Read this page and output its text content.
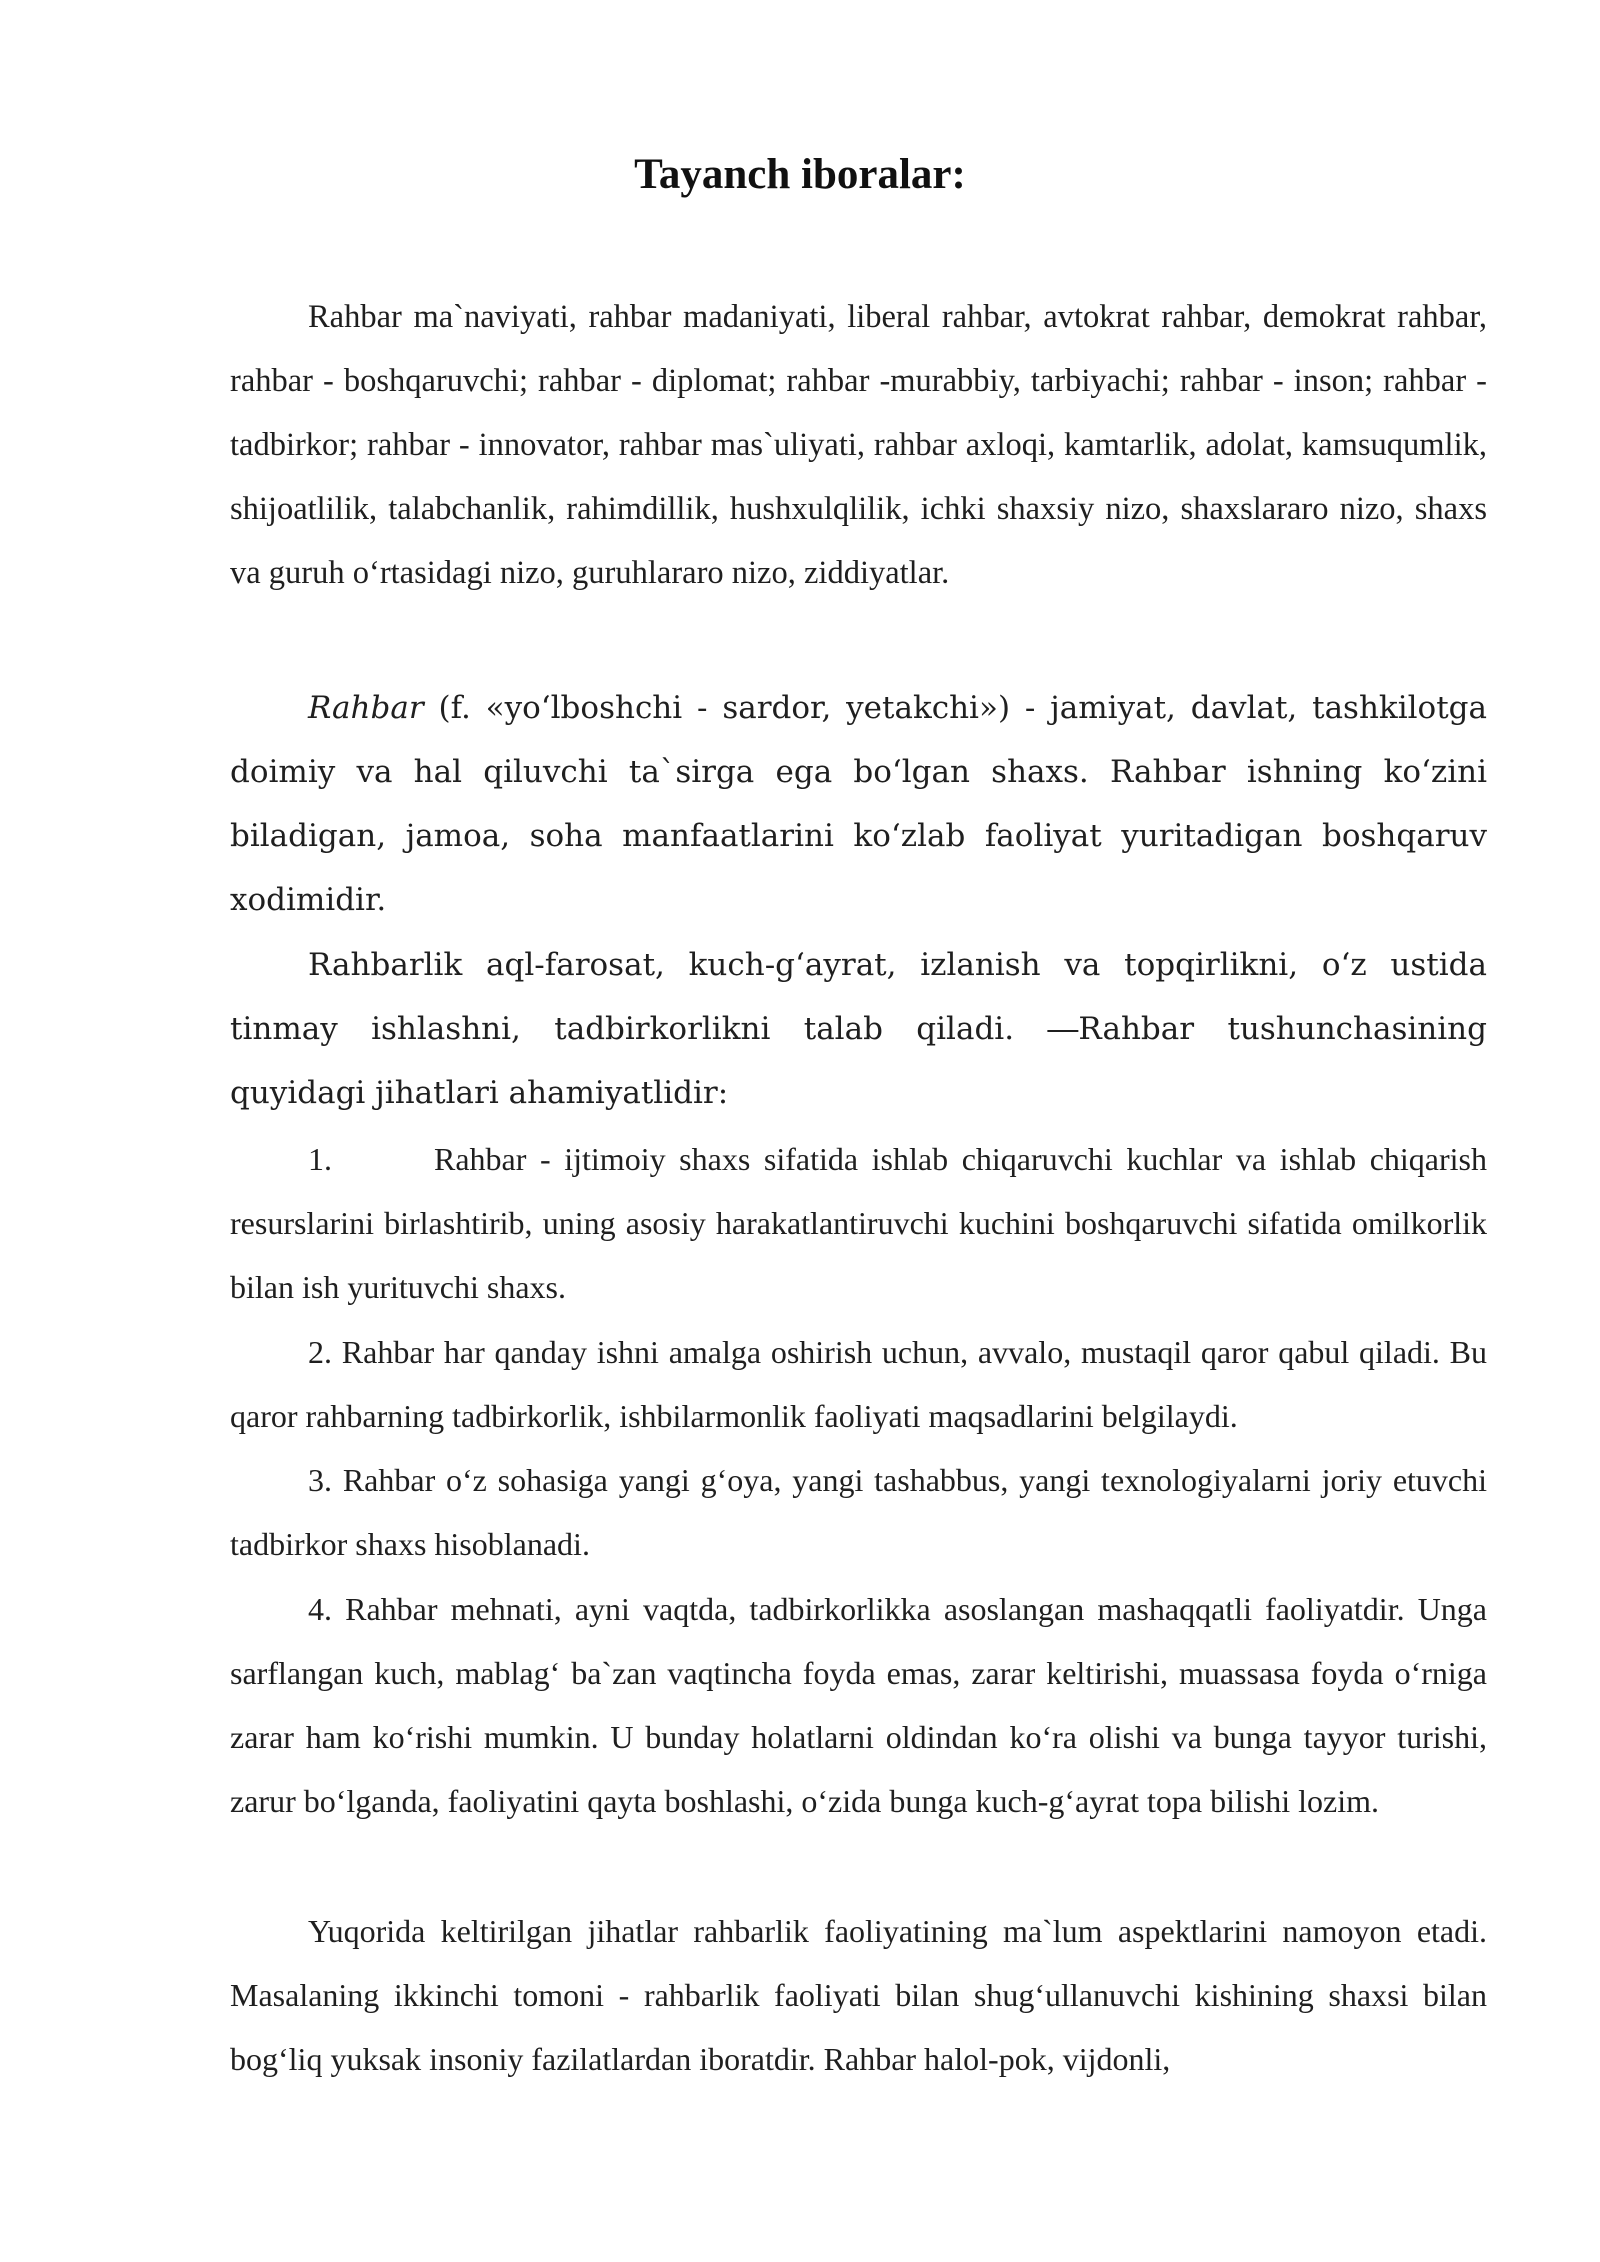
Tayanch iboralar:

Rahbar ma`naviyati, rahbar madaniyati, liberal rahbar, avtokrat rahbar, demokrat rahbar, rahbar - boshqaruvchi; rahbar - diplomat; rahbar -murabbiy, tarbiyachi; rahbar - inson; rahbar -tadbirkor; rahbar - innovator, rahbar mas`uliyati, rahbar axloqi, kamtarlik, adolat, kamsuqumlik, shijoatlilik, talabchanlik, rahimdillik, hushxulqlilik, ichki shaxsiy nizo, shaxslararo nizo, shaxs va guruh o‘rtasidagi nizo, guruhlararo nizo, ziddiyatlar.

Rahbar (f. «yo‘lboshchi - sardor, yetakchi») - jamiyat, davlat, tashkilotga doimiy va hal qiluvchi ta`sirga ega bo‘lgan shaxs. Rahbar ishning ko‘zini biladigan, jamoa, soha manfaatlarini ko‘zlab faoliyat yuritadigan boshqaruv xodimidir.

Rahbarlik aql-farosat, kuch-g‘ayrat, izlanish va topqirlikni, o‘z ustida tinmay ishlashni, tadbirkorlikni talab qiladi. ―Rahbar tushunchasining quyidagi jihatlari ahamiyatlidir:

1.	Rahbar - ijtimoiy shaxs sifatida ishlab chiqaruvchi kuchlar va ishlab chiqarish resurslarini birlashtirib, uning asosiy harakatlantiruvchi kuchini boshqaruvchi sifatida omilkorlik bilan ish yurituvchi shaxs.

2. Rahbar har qanday ishni amalga oshirish uchun, avvalo, mustaqil qaror qabul qiladi. Bu qaror rahbarning tadbirkorlik, ishbilarmonlik faoliyati maqsadlarini belgilaydi.

3. Rahbar o‘z sohasiga yangi g‘oya, yangi tashabbus, yangi texnologiyalarni joriy etuvchi tadbirkor shaxs hisoblanadi.

4. Rahbar mehnati, ayni vaqtda, tadbirkorlikka asoslangan mashaqqatli faoliyatdir. Unga sarflangan kuch, mablag‘ ba`zan vaqtincha foyda emas, zarar keltirishi, muassasa foyda o‘rniga zarar ham ko‘rishi mumkin. U bunday holatlarni oldindan ko‘ra olishi va bunga tayyor turishi, zarur bo‘lganda, faoliyatini qayta boshlashi, o‘zida bunga kuch-g‘ayrat topa bilishi lozim.

Yuqorida keltirilgan jihatlar rahbarlik faoliyatining ma`lum aspektlarini namoyon etadi. Masalaning ikkinchi tomoni - rahbarlik faoliyati bilan shug‘ullanuvchi kishining shaxsi bilan bog‘liq yuksak insoniy fazilatlardan iboratdir. Rahbar halol-pok, vijdonli,
